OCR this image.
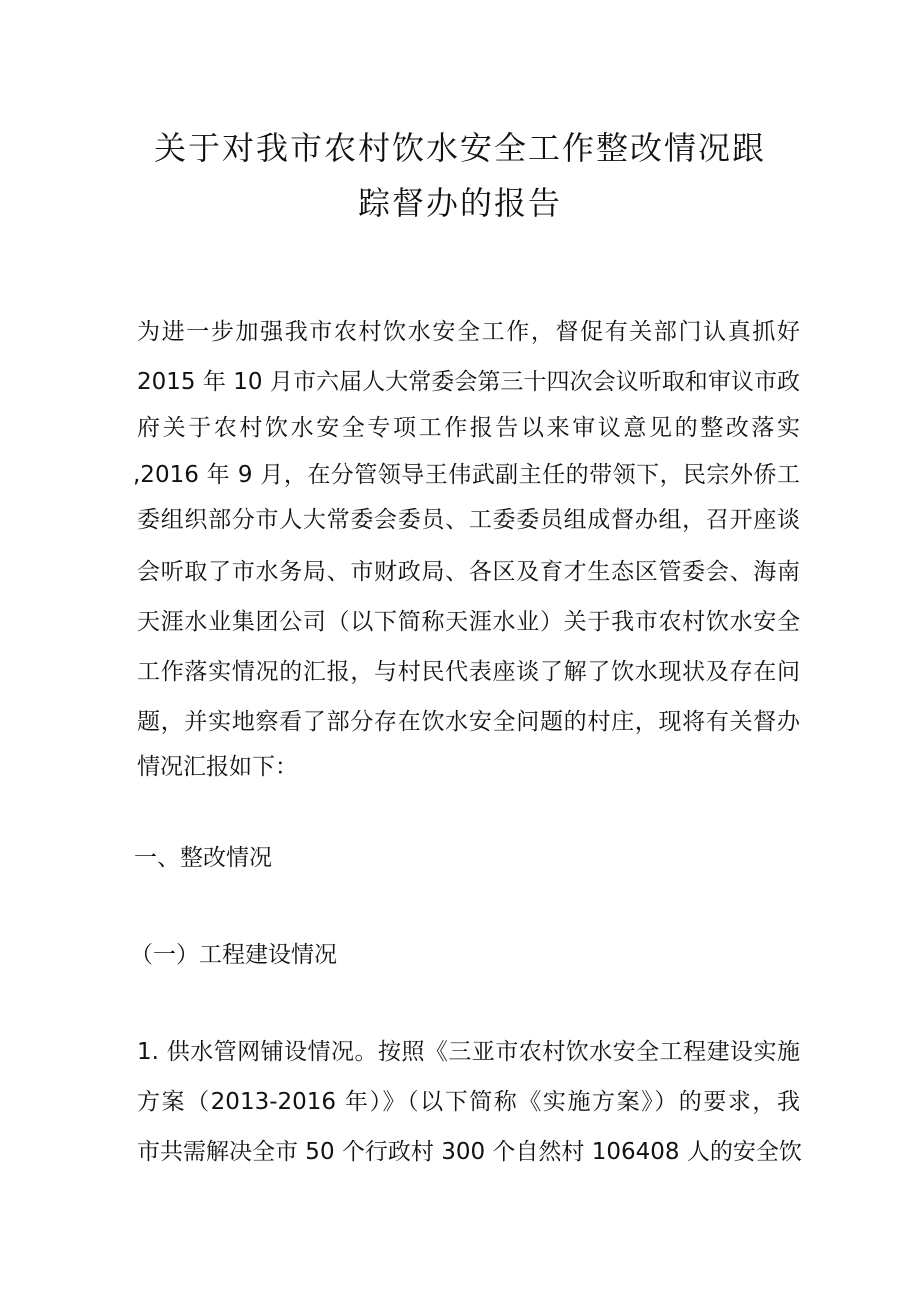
关于对我市农村饮水安全工作整改情况跟
踪督办的报告
为进一步加强我市农村饮水安全工作，督促有关部门认真抓好
2015 年 10 月市六届人大常委会第三十四次会议听取和审议市政
府关于农村饮水安全专项工作报告以来审议意见的整改落实
,2016 年 9 月，在分管领导王伟武副主任的带领下，民宗外侨工
委组织部分市人大常委会委员、工委委员组成督办组，召开座谈
会听取了市水务局、市财政局、各区及育才生态区管委会、海南
天涯水业集团公司（以下简称天涯水业）关于我市农村饮水安全
工作落实情况的汇报，与村民代表座谈了解了饮水现状及存在问
题，并实地察看了部分存在饮水安全问题的村庄，现将有关督办
情况汇报如下：
一、整改情况
（一）工程建设情况
1. 供水管网铺设情况。按照《三亚市农村饮水安全工程建设实施
方案（2013-2016 年）》（以下简称《实施方案》）的要求，我
市共需解决全市 50 个行政村 300 个自然村 106408 人的安全饮
